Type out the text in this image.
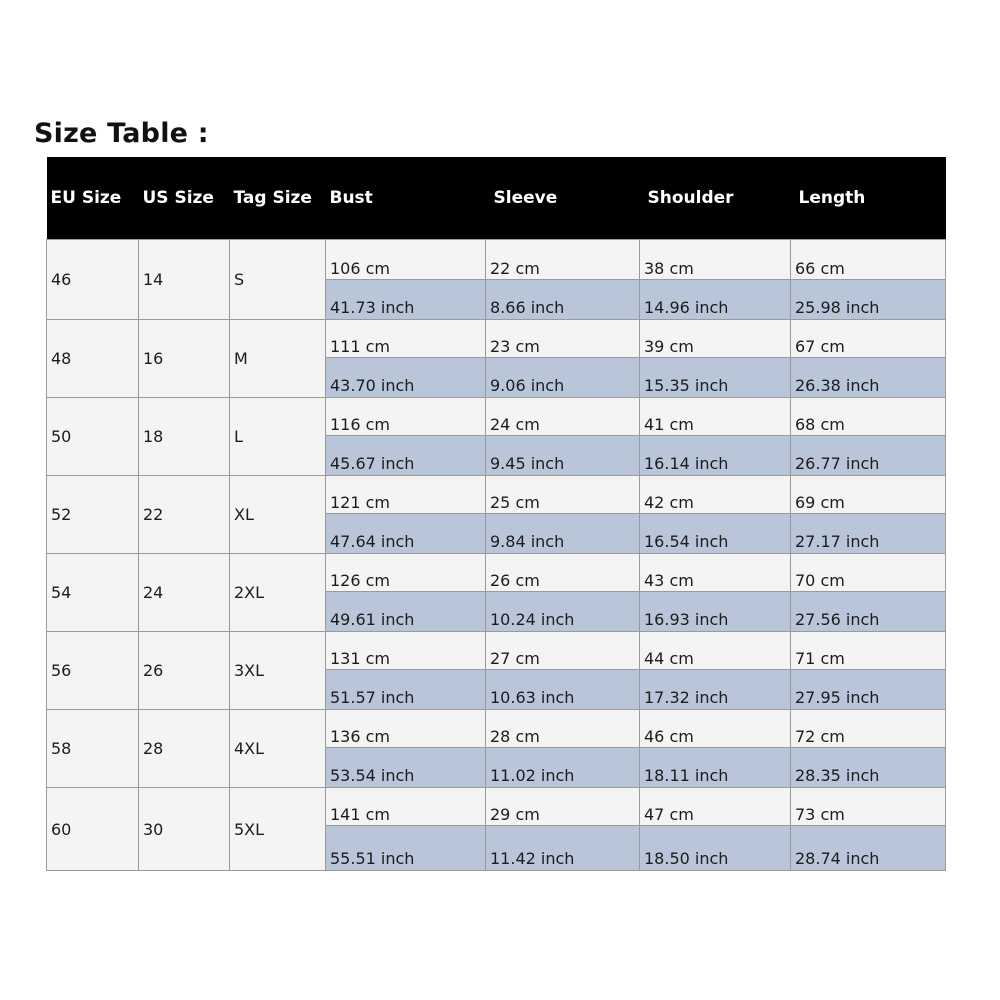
Size Table :
EU Size	US Size	Tag Size	Bust	Sleeve	Shoulder	Length
46	14	S	106 cm	22 cm	38 cm	66 cm
			41.73 inch	8.66 inch	14.96 inch	25.98 inch
48	16	M	111 cm	23 cm	39 cm	67 cm
			43.70 inch	9.06 inch	15.35 inch	26.38 inch
50	18	L	116 cm	24 cm	41 cm	68 cm
			45.67 inch	9.45 inch	16.14 inch	26.77 inch
52	22	XL	121 cm	25 cm	42 cm	69 cm
			47.64 inch	9.84 inch	16.54 inch	27.17 inch
54	24	2XL	126 cm	26 cm	43 cm	70 cm
			49.61 inch	10.24 inch	16.93 inch	27.56 inch
56	26	3XL	131 cm	27 cm	44 cm	71 cm
			51.57 inch	10.63 inch	17.32 inch	27.95 inch
58	28	4XL	136 cm	28 cm	46 cm	72 cm
			53.54 inch	11.02 inch	18.11 inch	28.35 inch
60	30	5XL	141 cm	29 cm	47 cm	73 cm
			55.51 inch	11.42 inch	18.50 inch	28.74 inch
